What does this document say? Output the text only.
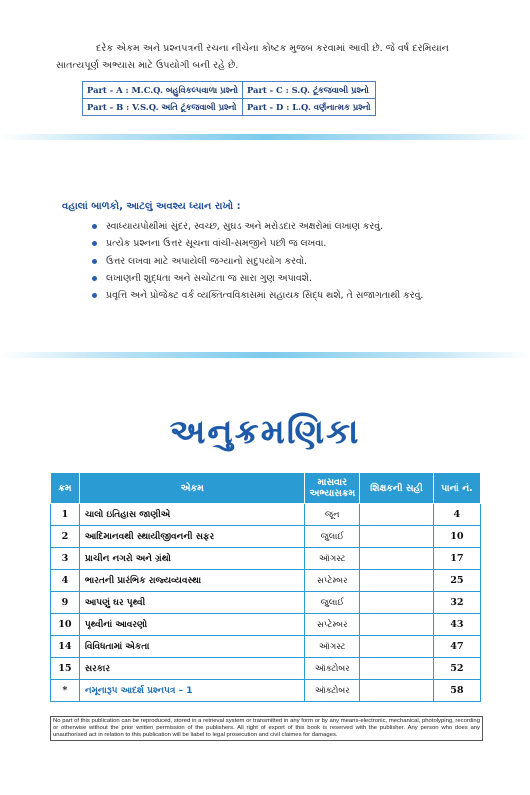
દરેક એકમ અને પ્રશ્નપત્રની રચના નીચેના કોષ્ટક મુજબ કરવામાં આવી છે. જે વર્ષ દરમિયાન સાતત્યપૂર્ણ અભ્યાસ માટે ઉપયોગી બની રહે છે.
Part - A : M.C.Q. બહુવિકલ્પવાળા પ્રશ્નો	Part - C : S.Q. ટૂંકજવાબી પ્રશ્નો
Part - B : V.S.Q. અતિ ટૂંકજવાબી પ્રશ્નો	Part - D : L.Q. વર્ણનાત્મક પ્રશ્નો
વહાલાં બાળકો, આટલું અવશ્ય ધ્યાન રાખો :
સ્વાધ્યાયપોથીમાં સુંદર, સ્વચ્છ, સુઘડ અને મરોડદાર અક્ષરોમાં લખાણ કરવું.
પ્રત્યેક પ્રશ્નના ઉત્તર સૂચના વાંચી-સમજીને પછી જ લખવા.
ઉત્તર લખવા માટે અપાયેલી જગ્યાનો સદુપયોગ કરવો.
લખાણની શુદ્ધતા અને સચોટતા જ સારા ગુણ અપાવશે.
પ્રવૃત્તિ અને પ્રોજેક્ટ વર્ક વ્યક્તિત્વવિકાસમાં સહાયક સિદ્ધ થશે, તે સજાગતાથી કરવું.
અનુક્રમણિકા
ક્રમ	એકમ	માસવાર અભ્યાસક્રમ	શિક્ષકની સહી	પાનાં નં.
1	ચાલો ઇતિહાસ જાણીએ	જૂન		4
2	આદિમાનવથી સ્થાયીજીવનની સફર	જુલાઈ		10
3	પ્રાચીન નગરો અને ગ્રંથો	ઑગસ્ટ		17
4	ભારતની પ્રારંભિક રાજ્યવ્યવસ્થા	સપ્ટેમ્બર		25
9	આપણું ઘર પૃથ્વી	જુલાઈ		32
10	પૃથ્વીનાં આવરણો	સપ્ટેમ્બર		43
14	વિવિધતામાં એકતા	ઑગસ્ટ		47
15	સરકાર	ઑક્ટોબર		52
*	નમૂનારૂપ આદર્શ પ્રશ્નપત્ર – 1	ઑક્ટોબર		58
No part of this publication can be reproduced, stored in a retrieval system or transmitted in any form or by any means-electronic, mechanical, photolyping, recording or otherwise without the prior written permission of the publishers. All right of export of this book is reserved with the publisher. Any person who does any unauthorised act in relation to this publication will be liabel to legal prosecution and civil claimes for damages.
